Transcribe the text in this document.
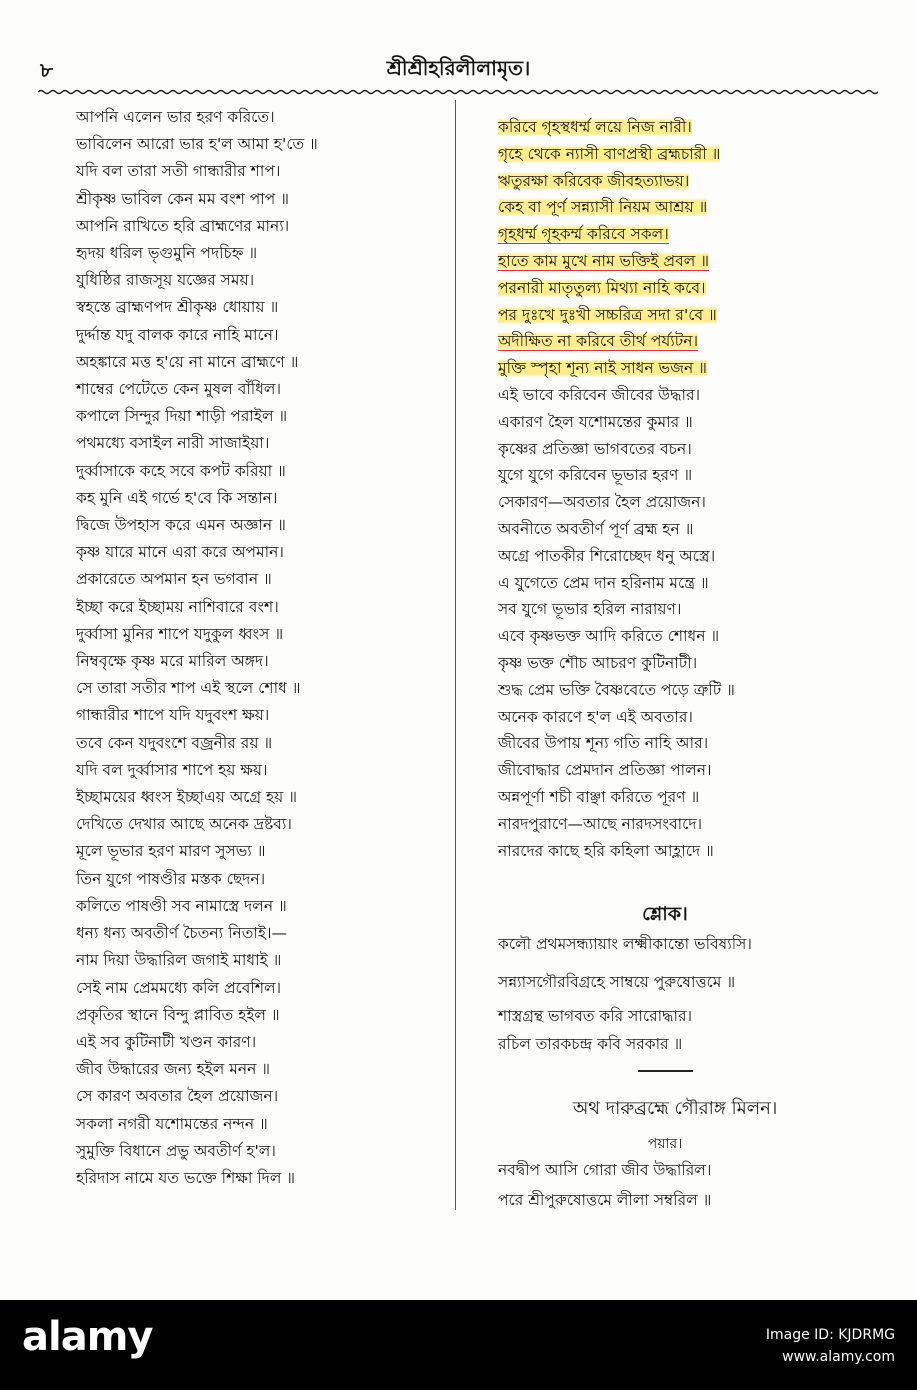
৮	শ্রীশ্রীহরিলীলামৃত।
আপনি এলেন ভার হরণ করিতে।
ভাবিলেন আরো ভার হ'ল আমা হ'তে ॥
যদি বল তারা সতী গান্ধারীর শাপ।
শ্রীকৃষ্ণ ভাবিল কেন মম বংশ পাপ ॥
আপনি রাখিতে হরি ব্রাহ্মণের মান্য।
হৃদয় ধরিল ভৃগুমুনি পদচিহ্ন ॥
যুধিষ্ঠির রাজসূয় যজ্ঞের সময়।
স্বহস্তে ব্রাহ্মণপদ শ্রীকৃষ্ণ ধোয়ায় ॥
দুর্দ্দান্ত যদু বালক কারে নাহি মানে।
অহঙ্কারে মত্ত হ'য়ে না মানে ব্রাহ্মণে ॥
শাম্বের পেটেতে কেন মুষল বাঁধিল।
কপালে সিন্দুর দিয়া শাড়ী পরাইল ॥
পথমধ্যে বসাইল নারী সাজাইয়া।
দুর্ব্বাসাকে কহে সবে কপট করিয়া ॥
কহ মুনি এই গর্ভে হ'বে কি সন্তান।
দ্বিজে উপহাস করে এমন অজ্ঞান ॥
কৃষ্ণ যারে মানে এরা করে অপমান।
প্রকারেতে অপমান হন ভগবান ॥
ইচ্ছা করে ইচ্ছাময় নাশিবারে বংশ।
দুর্ব্বাসা মুনির শাপে যদুকুল ধ্বংস ॥
নিম্ববৃক্ষে কৃষ্ণ মরে মারিল অঙ্গদ।
সে তারা সতীর শাপ এই স্থলে শোধ ॥
গান্ধারীর শাপে যদি যদুবংশ ক্ষয়।
তবে কেন যদুবংশে বজ্রনীর রয় ॥
যদি বল দুর্ব্বাসার শাপে হয় ক্ষয়।
ইচ্ছাময়ের ধ্বংস ইচ্ছাএয় অগ্রে হয় ॥
দেখিতে দেখার আছে অনেক দ্রষ্টব্য।
মূলে ভূভার হরণ মারণ সুসভ্য ॥
তিন যুগে পাষণ্ডীর মস্তক ছেদন।
কলিতে পাষণ্ডী সব নামাস্ত্রে দলন ॥
ধন্য ধন্য অবতীর্ণ চৈতন্য নিতাই।—
নাম দিয়া উদ্ধারিল জগাই মাধাই ॥
সেই নাম প্রেমমধ্যে কলি প্রবেশিল।
প্রকৃতির স্থানে বিন্দু প্লাবিত হইল ॥
এই সব কুটিনাটী খণ্ডন কারণ।
জীব উদ্ধারের জন্য হইল মনন ॥
সে কারণ অবতার হৈল প্রয়োজন।
সকলা নগরী যশোমন্তের নন্দন ॥
সুমুক্তি বিধানে প্রভু অবতীর্ণ হ'ল।
হরিদাস নামে যত ভক্তে শিক্ষা দিল ॥
করিবে গৃহস্থধর্ম্ম লয়ে নিজ নারী।
গৃহে থেকে ন্যাসী বাণপ্রস্থী ব্রহ্মচারী ॥
ঋতুরক্ষা করিবেক জীবহত্যাভয়।
কেহ বা পূর্ণ সন্ন্যাসী নিয়ম আশ্রয় ॥
গৃহধর্ম্ম গৃহকর্ম্ম করিবে সকল।
হাতে কাম মুখে নাম ভক্তিই প্রবল ॥
পরনারী মাতৃতুল্য মিথ্যা নাহি কবে।
পর দুঃখে দুঃখী সচ্চরিত্র সদা র'বে ॥
অদীক্ষিত না করিবে তীর্থ পর্য্যটন।
মুক্তি স্পৃহা শূন্য নাই সাধন ভজন ॥
এই ভাবে করিবেন জীবের উদ্ধার।
একারণ হৈল যশোমন্তের কুমার ॥
কৃষ্ণের প্রতিজ্ঞা ভাগবতের বচন।
যুগে যুগে করিবেন ভূভার হরণ ॥
সেকারণ—অবতার হৈল প্রয়োজন।
অবনীতে অবতীর্ণ পূর্ণ ব্রহ্ম হন ॥
অগ্রে পাতকীর শিরোচ্ছেদ ধনু অস্ত্রে।
এ যুগেতে প্রেম দান হরিনাম মন্ত্রে ॥
সব যুগে ভূভার হরিল নারায়ণ।
এবে কৃষ্ণভক্ত আদি করিতে শোধন ॥
কৃষ্ণ ভক্ত শৌচ আচরণ কুটিনাটী।
শুদ্ধ প্রেম ভক্তি বৈষ্ণবেতে পড়ে ত্রুটি ॥
অনেক কারণে হ'ল এই অবতার।
জীবের উপায় শূন্য গতি নাহি আর।
জীবোদ্ধার প্রেমদান প্রতিজ্ঞা পালন।
অন্নপূর্ণা শচী বাঞ্ছা করিতে পূরণ ॥
নারদপুরাণে—আছে নারদসংবাদে।
নারদের কাছে হরি কহিলা আহ্লাদে ॥
শ্লোক।
কলৌ প্রথমসন্ধ্যায়াং লক্ষ্মীকান্তো ভবিষ্যসি।
সন্ন্যাসগৌরবিগ্রহে সাম্বয়ে পুরুষোত্তমে ॥
শাস্ত্রগ্রন্থ ভাগবত করি সারোদ্ধার।
রচিল তারকচন্দ্র কবি সরকার ॥
অথ দারুব্রহ্মে গৌরাঙ্গ মিলন।
পয়ার।
নবদ্বীপ আসি গোরা জীব উদ্ধারিল।
পরে শ্রীপুরুষোত্তমে লীলা সম্বরিল ॥
alamy	Image ID: KJDRMG
www.alamy.com
